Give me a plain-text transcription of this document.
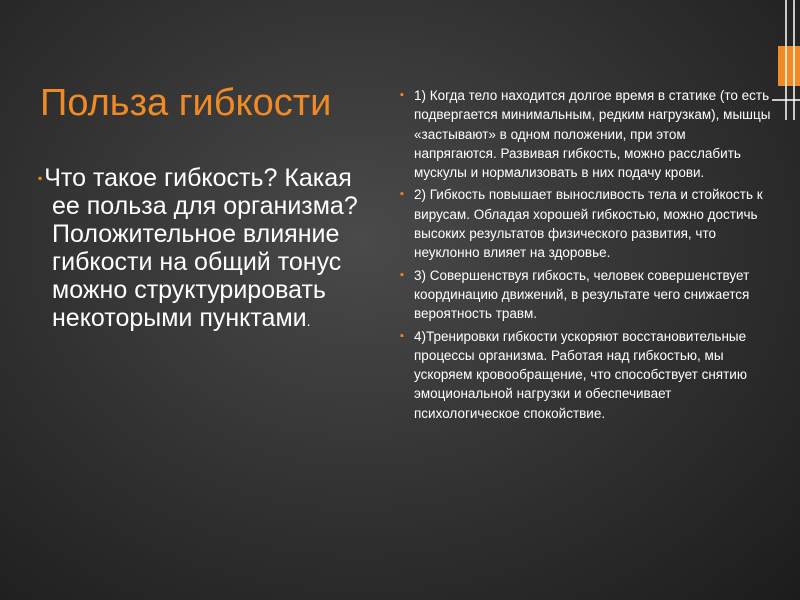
Польза гибкости

▪Что такое гибкость? Какая ее польза для организма? Положительное влияние гибкости на общий тонус можно структурировать некоторыми пунктами.

▪ 1) Когда тело находится долгое время в статике (то есть подвергается минимальным, редким нагрузкам), мышцы «застывают» в одном положении, при этом напрягаются. Развивая гибкость, можно расслабить мускулы и нормализовать в них подачу крови.
▪ 2) Гибкость повышает выносливость тела и стойкость к вирусам. Обладая хорошей гибкостью, можно достичь высоких результатов физического развития, что неуклонно влияет на здоровье.
▪ 3) Совершенствуя гибкость, человек совершенствует координацию движений, в результате чего снижается вероятность травм.
▪ 4)Тренировки гибкости ускоряют восстановительные процессы организма. Работая над гибкостью, мы ускоряем кровообращение, что способствует снятию эмоциональной нагрузки и обеспечивает психологическое спокойствие.
